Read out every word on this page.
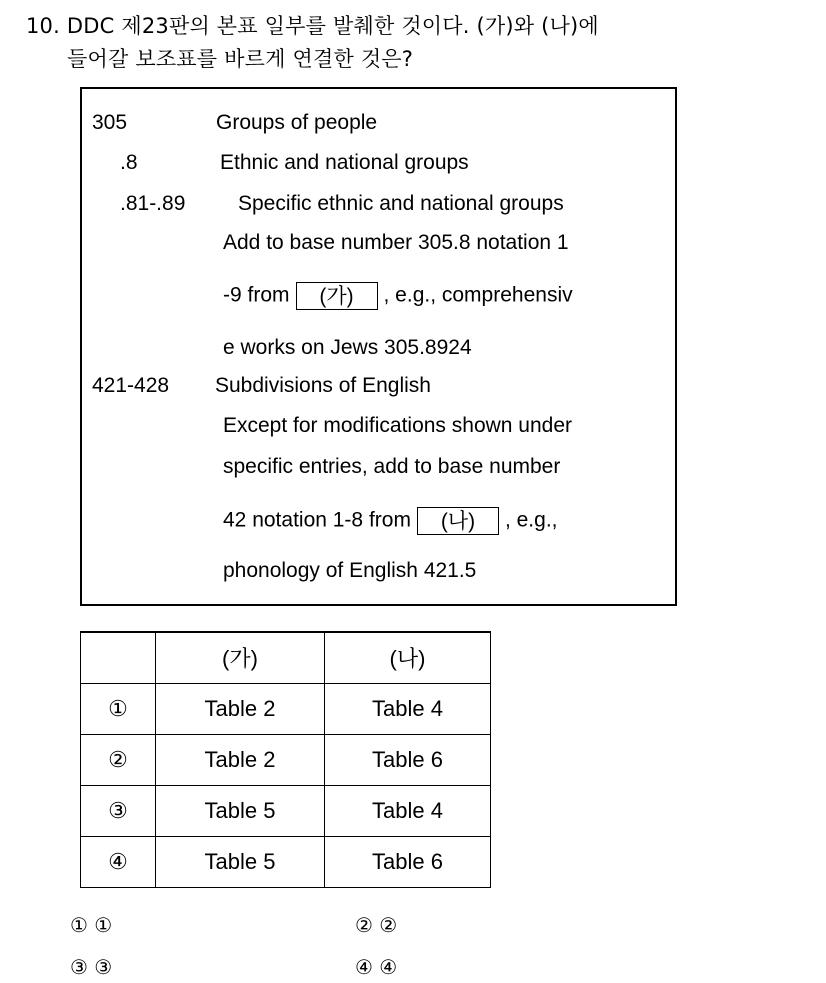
10. DDC 제23판의 본표 일부를 발췌한 것이다. (가)와 (나)에
들어갈 보조표를 바르게 연결한 것은?
305	Groups of people
.8	Ethnic and national groups
.81-.89	Specific ethnic and national groups
Add to base number 305.8 notation 1
-9 from (가) , e.g., comprehensiv
e works on Jews 305.8924
421-428 Subdivisions of English
Except for modifications shown under
specific entries, add to base number
42 notation 1-8 from (나) , e.g.,
phonology of English 421.5
	(가)	(나)
①	Table 2	Table 4
②	Table 2	Table 6
③	Table 5	Table 4
④	Table 5	Table 6
① ①	② ②
③ ③	④ ④
